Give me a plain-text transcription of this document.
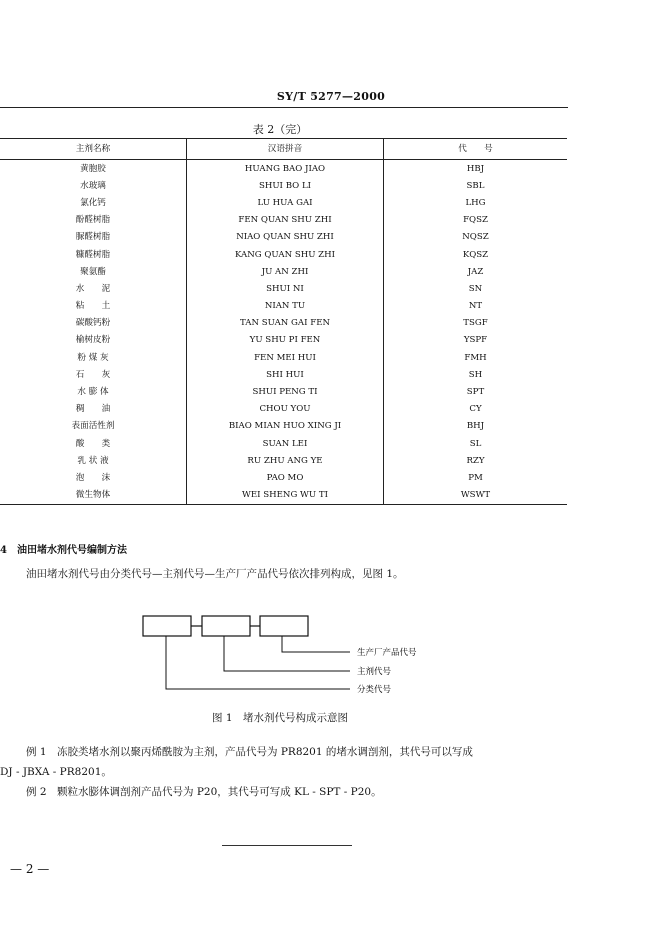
SY/T 5277—2000
表 2（完）
主剂名称	汉语拼音	代　　号
黄胞胶	HUANG BAO JIAO	HBJ
水玻璃	SHUI BO LI	SBL
氯化钙	LU HUA GAI	LHG
酚醛树脂	FEN QUAN SHU ZHI	FQSZ
脲醛树脂	NIAO QUAN SHU ZHI	NQSZ
糠醛树脂	KANG QUAN SHU ZHI	KQSZ
聚氨酯	JU AN ZHI	JAZ
水　　泥	SHUI NI	SN
粘　　土	NIAN TU	NT
碳酸钙粉	TAN SUAN GAI FEN	TSGF
榆树皮粉	YU SHU PI FEN	YSPF
粉 煤 灰	FEN MEI HUI	FMH
石　　灰	SHI HUI	SH
水 膨 体	SHUI PENG TI	SPT
稠　　油	CHOU YOU	CY
表面活性剂	BIAO MIAN HUO XING JI	BHJ
酸　　类	SUAN LEI	SL
乳 状 液	RU ZHU ANG YE	RZY
泡　　沫	PAO MO	PM
微生物体	WEI SHENG WU TI	WSWT
4　油田堵水剂代号编制方法
油田堵水剂代号由分类代号—主剂代号—生产厂产品代号依次排列构成，见图 1。
生产厂产品代号
主剂代号
分类代号
图 1　堵水剂代号构成示意图
例 1　冻胶类堵水剂以聚丙烯酰胺为主剂，产品代号为 PR8201 的堵水调剖剂，其代号可以写成
DJ - JBXA - PR8201。
例 2　颗粒水膨体调剖剂产品代号为 P20，其代号可写成 KL - SPT - P20。
— 2 —
